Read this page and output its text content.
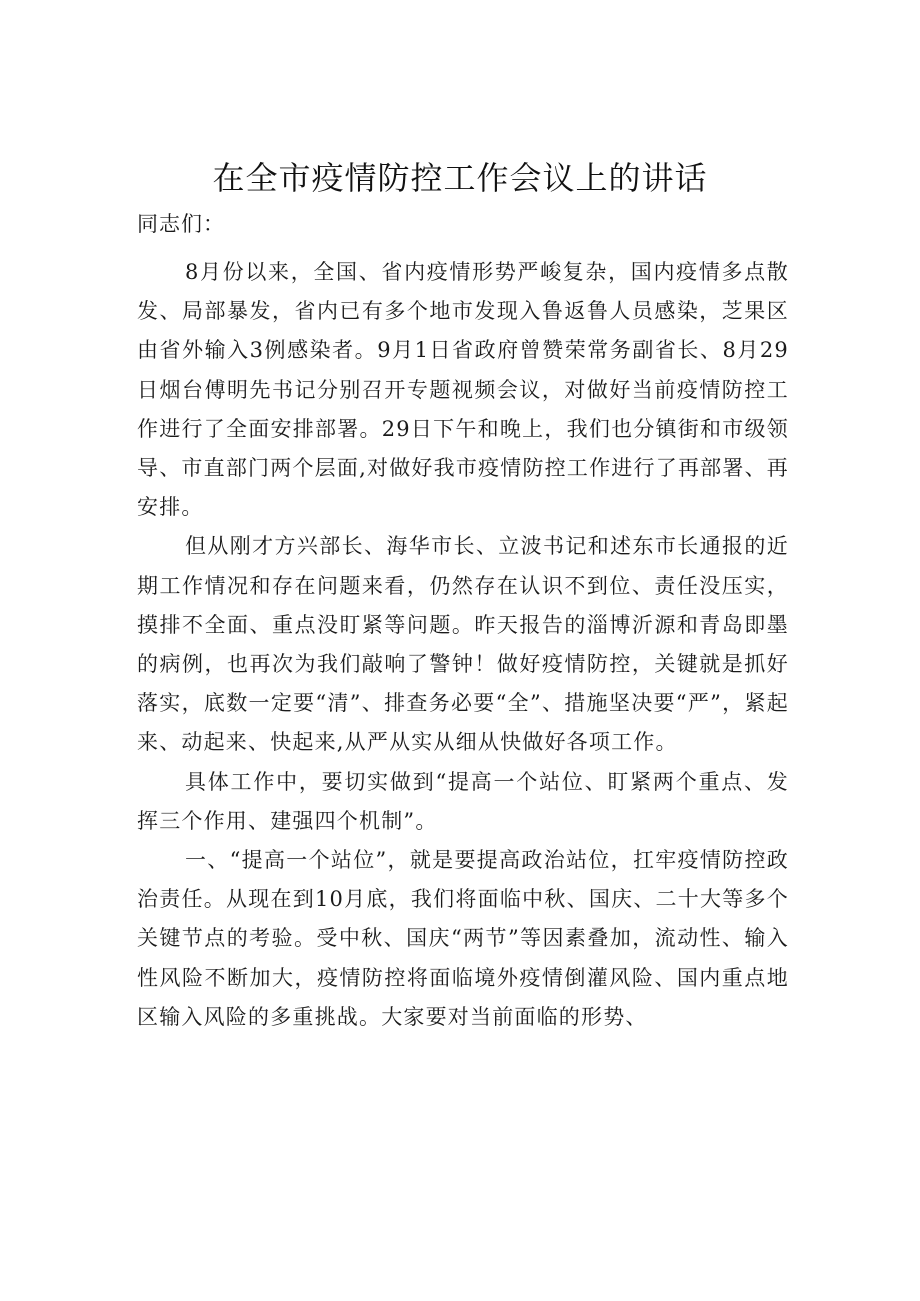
在全市疫情防控工作会议上的讲话
同志们：

8月份以来，全国、省内疫情形势严峻复杂，国内疫情多点散发、局部暴发，省内已有多个地市发现入鲁返鲁人员感染，芝果区由省外输入3例感染者。9月1日省政府曾赞荣常务副省长、8月29日烟台傅明先书记分别召开专题视频会议，对做好当前疫情防控工作进行了全面安排部署。29日下午和晚上，我们也分镇街和市级领导、市直部门两个层面,对做好我市疫情防控工作进行了再部署、再安排。

但从刚才方兴部长、海华市长、立波书记和述东市长通报的近期工作情况和存在问题来看，仍然存在认识不到位、责任没压实，摸排不全面、重点没盯紧等问题。昨天报告的淄博沂源和青岛即墨的病例，也再次为我们敲响了警钟！做好疫情防控，关键就是抓好落实，底数一定要“清”、排查务必要“全”、措施坚决要“严”，紧起来、动起来、快起来,从严从实从细从快做好各项工作。

具体工作中，要切实做到“提高一个站位、盯紧两个重点、发挥三个作用、建强四个机制”。

一、“提高一个站位”，就是要提高政治站位，扛牢疫情防控政治责任。从现在到10月底，我们将面临中秋、国庆、二十大等多个关键节点的考验。受中秋、国庆“两节”等因素叠加，流动性、输入性风险不断加大，疫情防控将面临境外疫情倒灌风险、国内重点地区输入风险的多重挑战。大家要对当前面临的形势、
